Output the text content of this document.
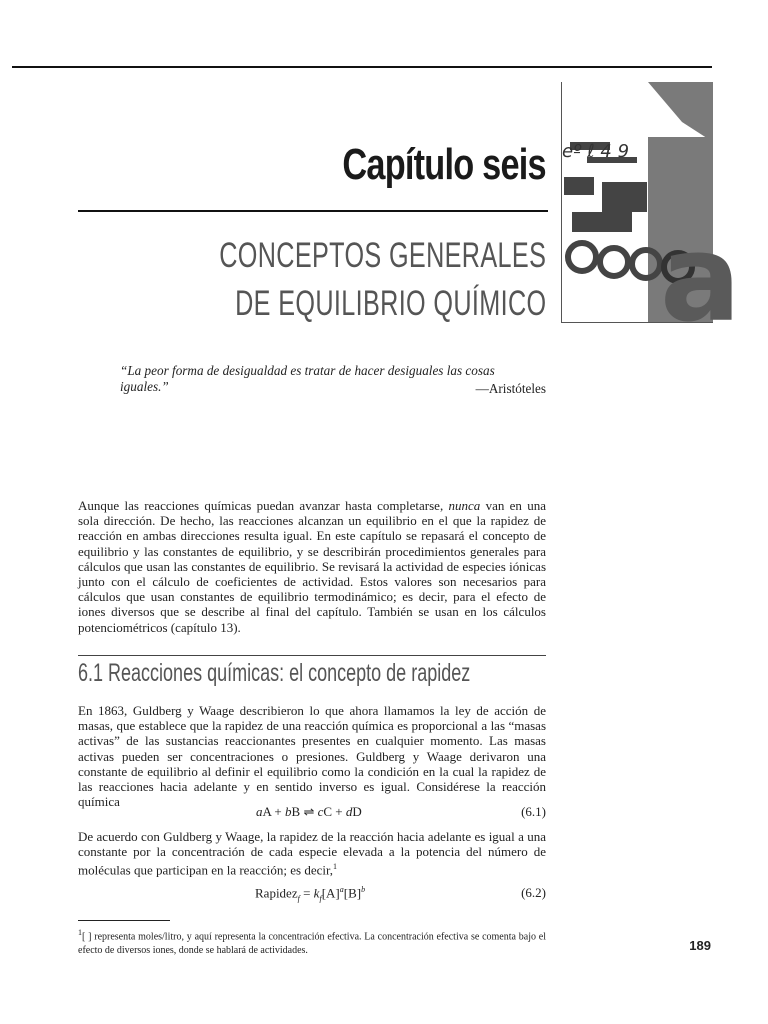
eº ℓ 4 9
a
Capítulo seis
CONCEPTOS GENERALES
DE EQUILIBRIO QUÍMICO
“La peor forma de desigualdad es tratar de hacer desiguales las cosas iguales.”	—Aristóteles
Aunque las reacciones químicas puedan avanzar hasta completarse, nunca van en una sola dirección. De hecho, las reacciones alcanzan un equilibrio en el que la rapidez de reacción en ambas direcciones resulta igual. En este capítulo se repasará el concepto de equilibrio y las constantes de equilibrio, y se describirán procedimientos generales para cálculos que usan las constantes de equilibrio. Se revisará la actividad de especies iónicas junto con el cálculo de coeficientes de actividad. Estos valores son necesarios para cálculos que usan constantes de equilibrio termodinámico; es decir, para el efecto de iones diversos que se describe al final del capítulo. También se usan en los cálculos potenciométricos (capítulo 13).
6.1 Reacciones químicas: el concepto de rapidez
En 1863, Guldberg y Waage describieron lo que ahora llamamos la ley de acción de masas, que establece que la rapidez de una reacción química es proporcional a las “masas activas” de las sustancias reaccionantes presentes en cualquier momento. Las masas activas pueden ser concentraciones o presiones. Guldberg y Waage derivaron una constante de equilibrio al definir el equilibrio como la condición en la cual la rapidez de las reacciones hacia adelante y en sentido inverso es igual. Considérese la reacción química
aA + bB ⇌ cC + dD	(6.1)
De acuerdo con Guldberg y Waage, la rapidez de la reacción hacia adelante es igual a una constante por la concentración de cada especie elevada a la potencia del número de moléculas que participan en la reacción; es decir,$^1$
Rapidez$_f$ = $k_f[A]^a[B]^b$	(6.2)
$^1$[ ] representa moles/litro, y aquí representa la concentración efectiva. La concentración efectiva se comenta bajo el efecto de diversos iones, donde se hablará de actividades.	189
